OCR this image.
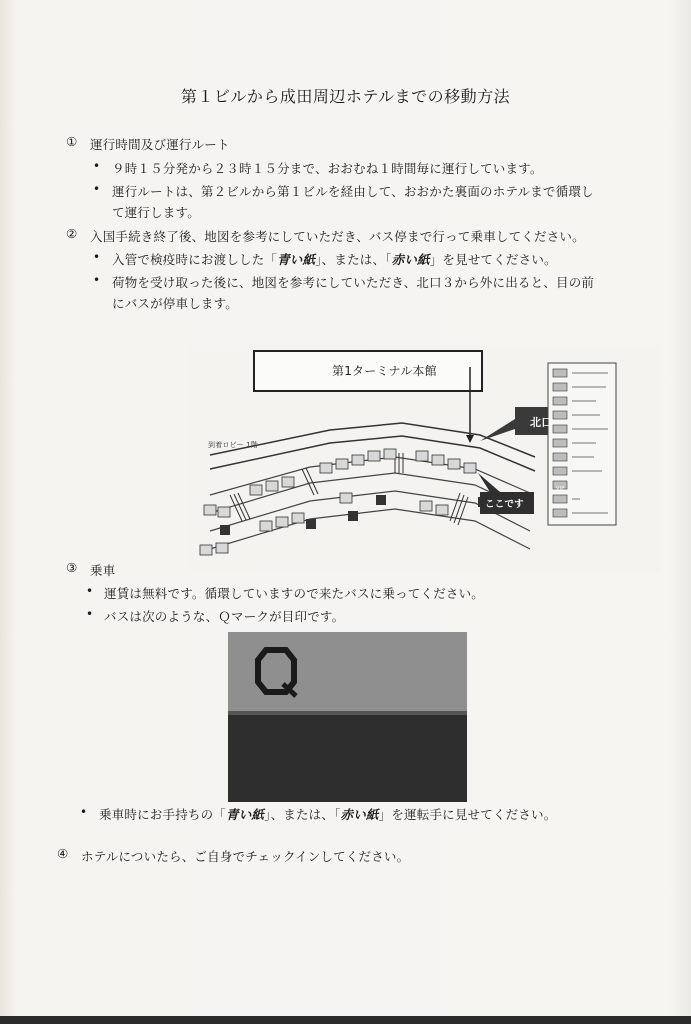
第１ビルから成田周辺ホテルまでの移動方法
① 運行時間及び運行ルート
• ９時１５分発から２３時１５分まで、おおむね１時間毎に運行しています。
• 運行ルートは、第２ビルから第１ビルを経由して、おおかた裏面のホテルまで循環し
て運行します。
② 入国手続き終了後、地図を参考にしていただき、バス停まで行って乗車してください。
• 入管で検疫時にお渡しした「青い紙」、または、「赤い紙」を見せてください。
• 荷物を受け取った後に、地図を参考にしていただき、北口３から外に出ると、目の前
にバスが停車します。
第1ターミナル本館
北口
ここです
到着ロビー 1階
VIP
③ 乗車
• 運賃は無料です。循環していますので来たバスに乗ってください。
• バスは次のような、Ｑマークが目印です。
• 乗車時にお手持ちの「青い紙」、または、「赤い紙」を運転手に見せてください。
④ ホテルについたら、ご自身でチェックインしてください。
